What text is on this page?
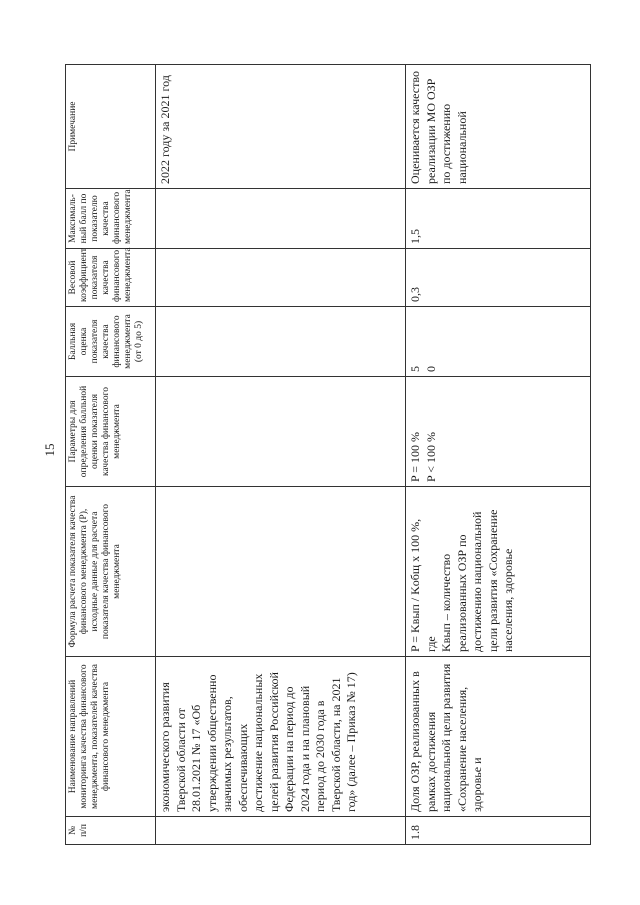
15
№ п/п	Наименование направлений мониторинга качества финансового менеджмента, показателей качества финансового менеджмента	Формула расчета показателя качества финансового менеджмента (P), исходные данные для расчета показателя качества финансового менеджмента	Параметры для определения балльной оценки показателя качества финансового менеджмента	Балльная оценка показателя качества финансового менеджмента (от 0 до 5)	Весовой коэффициент показателя качества финансового менеджмента	Максималь-ный балл по показателю качества финансового менеджмента	Примечание
	экономического развития Тверской области от 28.01.2021 № 17 «Об утверждении общественно значимых результатов, обеспечивающих достижение национальных целей развития Российской Федерации на период до 2024 года и на плановый период до 2030 года в Тверской области, на 2021 год» (далее – Приказ № 17)						2022 году за 2021 год
1.8	Доля ОЗР, реализованных в рамках достижения национальной цели развития «Сохранение населения, здоровье и	P = Kвып / Kобщ x 100 %, где Kвып – количество реализованных ОЗР по достижению национальной цели развития «Сохранение населения, здоровье	P = 100 % P < 100 %	5 0	0,3	1,5	Оценивается качество реализации МО ОЗР по достижению национальной
